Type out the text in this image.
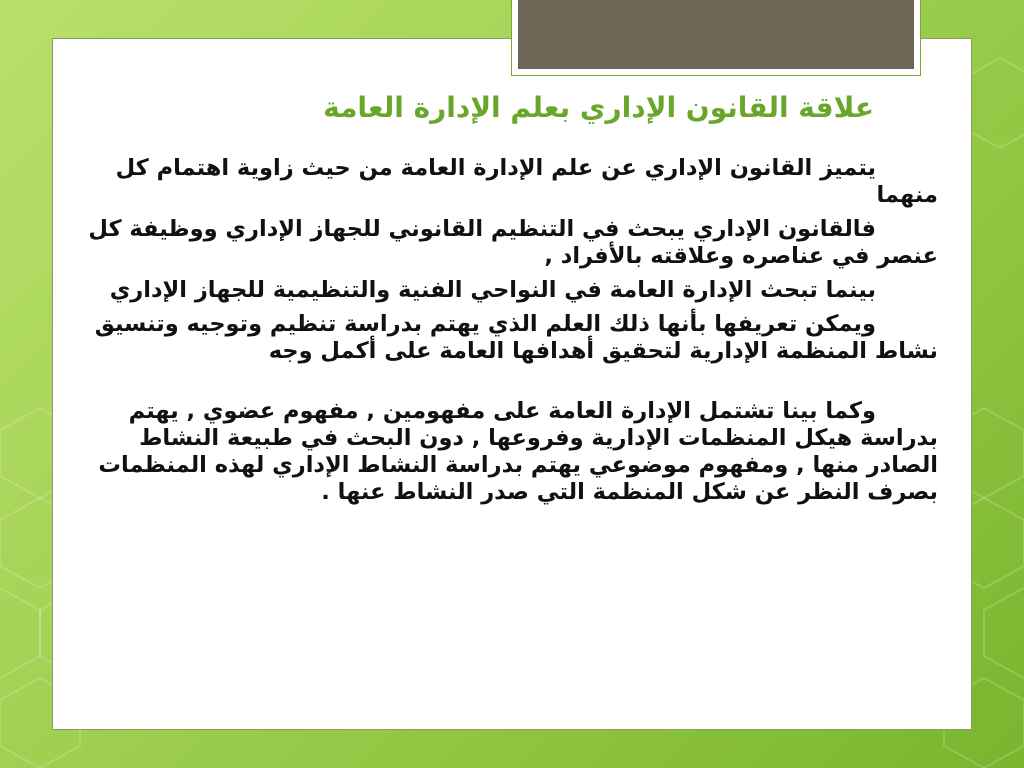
علاقة القانون الإداري بعلم الإدارة العامة

يتميز القانون الإداري عن علم الإدارة العامة من حيث زاوية اهتمام كل منهما

فالقانون الإداري يبحث في التنظيم القانوني للجهاز الإداري ووظيفة كل عنصر في عناصره وعلاقته بالأفراد ,

بينما تبحث الإدارة العامة في النواحي الفنية والتنظيمية للجهاز الإداري

ويمكن تعريفها بأنها ذلك العلم الذي يهتم بدراسة تنظيم وتوجيه وتنسيق نشاط المنظمة الإدارية لتحقيق أهدافها العامة على أكمل وجه

وكما بينا تشتمل الإدارة العامة على مفهومين , مفهوم عضوي , يهتم بدراسة هيكل المنظمات الإدارية وفروعها , دون البحث في طبيعة النشاط الصادر منها , ومفهوم موضوعي يهتم بدراسة النشاط الإداري لهذه المنظمات بصرف النظر عن شكل المنظمة التي صدر النشاط عنها .
